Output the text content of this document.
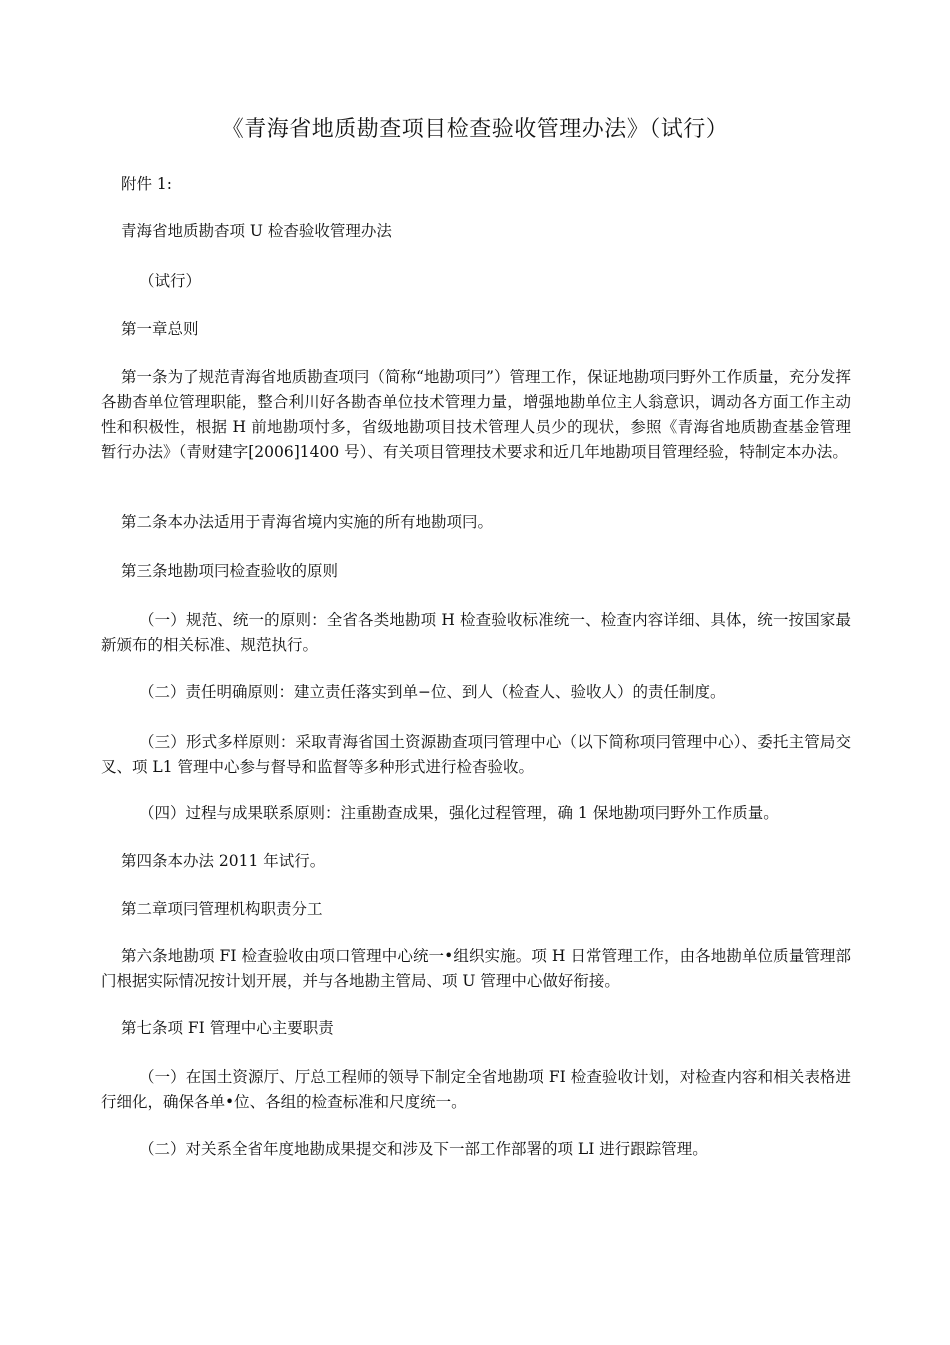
《青海省地质勘查项目检查验收管理办法》（试行）

附件 1:

青海省地质勘杳项 U 检杳验收管理办法

（试行）

第一章总则

第一条为了规范青海省地质勘查项冃（简称“地勘项冃”）管理工作，保证地勘项冃野外工作质量，充分发挥各勘杳单位管理职能，整合利川好各勘杳单位技术管理力量，增强地勘单位主人翁意识，调动各方面工作主动性和积极性，根据 H 前地勘项忖多，省级地勘项目技术管理人员少的现状，参照《青海省地质勘查基金管理暂行办法》（青财建字[2006]1400 号）、有关项目管理技术要求和近几年地勘项目管理经验，特制定本办法。

第二条本办法适用于青海省境内实施的所有地勘项冃。

第三条地勘项冃检查验收的原则

（一）规范、统一的原则：全省各类地勘项 H 检查验收标准统一、检查内容详细、具体，统一按国家最新颁布的相关标准、规范执行。

（二）责任明确原则：建立责任落实到单−位、到人（检查人、验收人）的责任制度。

（三）形式多样原则：采取青海省国土资源勘查项冃管理中心（以下简称项冃管理中心）、委托主管局交叉、项 L1 管理中心参与督导和监督等多种形式进行检杳验收。

（四）过程与成果联系原则：注重勘查成果，强化过程管理，确 1 保地勘项冃野外工作质量。

第四条本办法 2011 年试行。

第二章项冃管理机构职责分工

第六条地勘项 FI 检查验收由项口管理中心统一•组织实施。项 H 日常管理工作，由各地勘单位质量管理部门根据实际情况按计划开展，并与各地勘主管局、项 U 管理中心做好衔接。

第七条项 FI 管理中心主要职责

（一）在国土资源厅、厅总工程师的领导下制定全省地勘项 FI 检查验收计划，对检查内容和相关表格进行细化，确保各单•位、各组的检查标准和尺度统一。

（二）对关系全省年度地勘成果提交和涉及下一部工作部署的项 LI 进行跟踪管理。
